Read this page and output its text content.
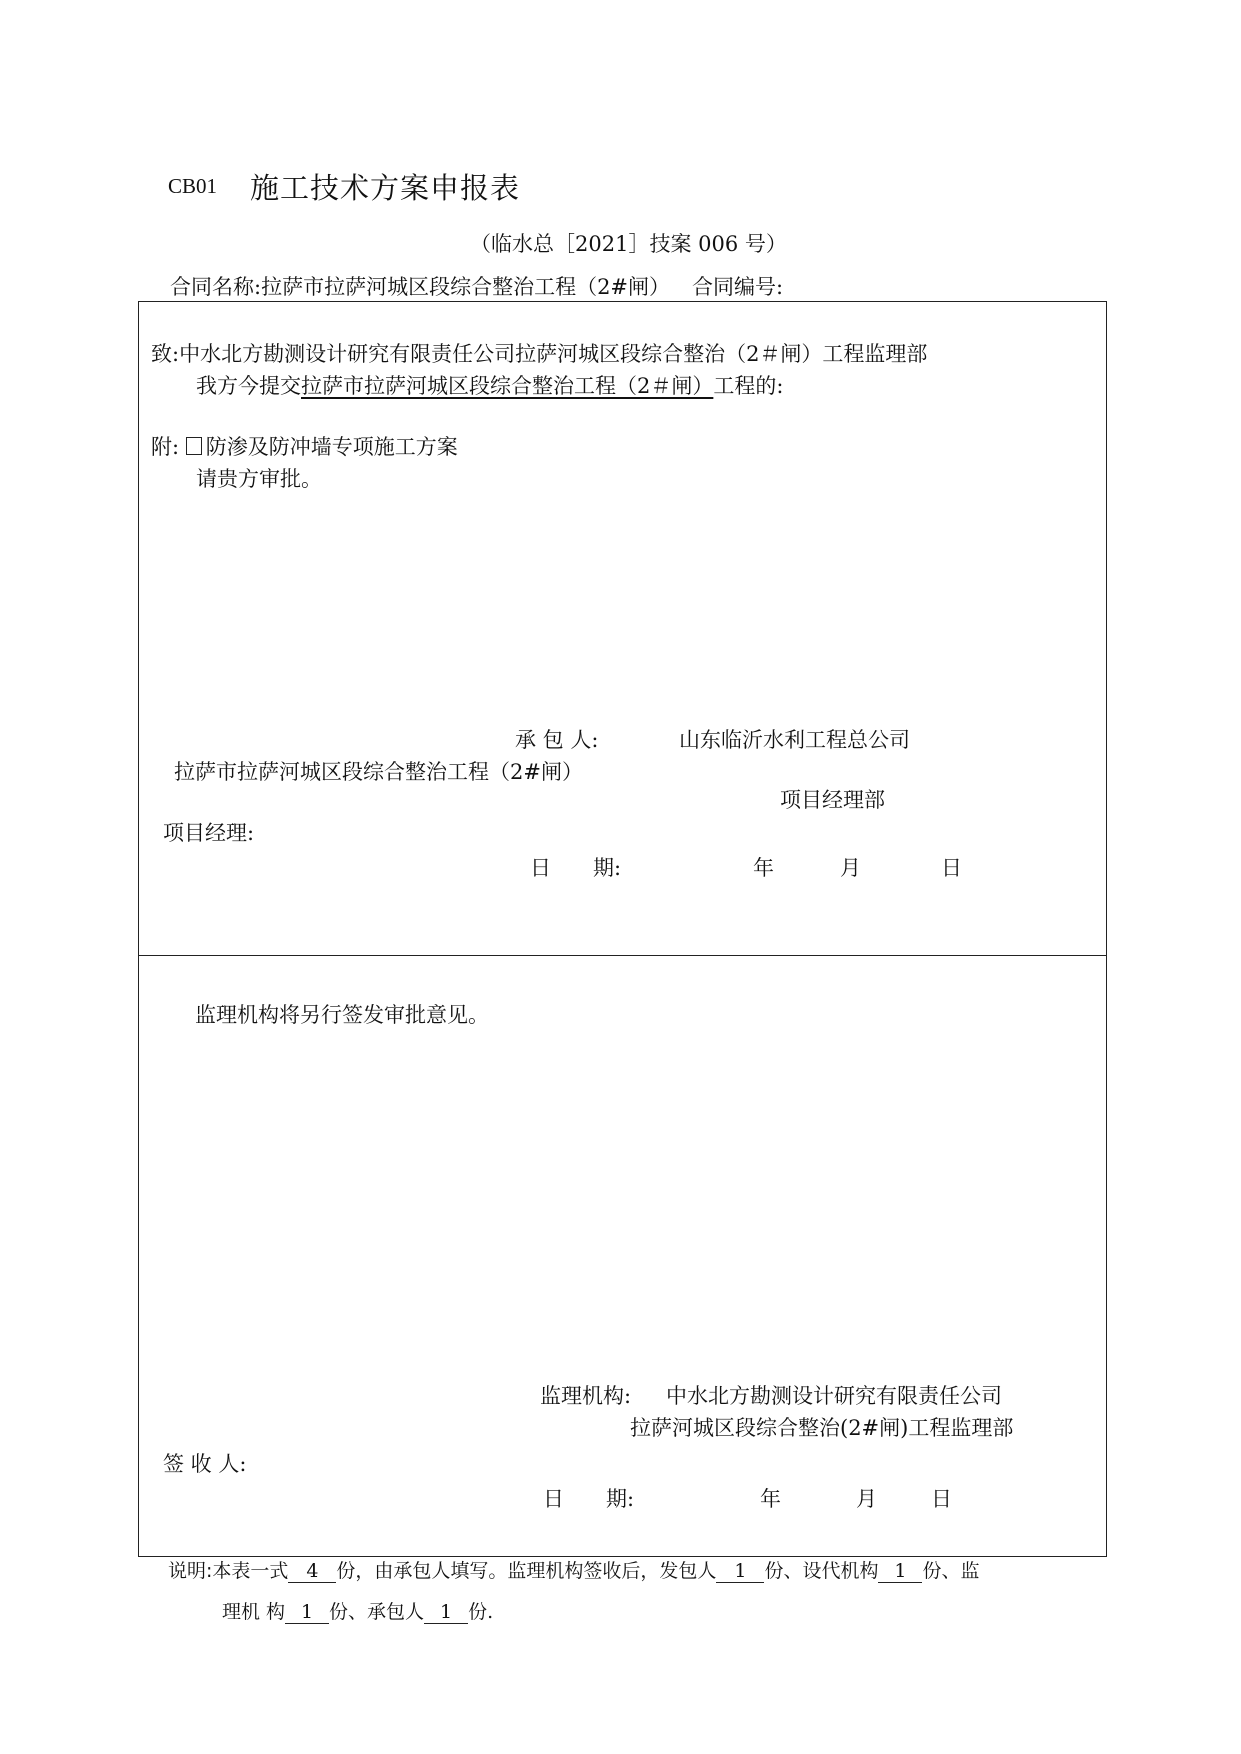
CB01 施工技术方案申报表
（临水总［2021］技案 006 号）
合同名称:拉萨市拉萨河城区段综合整治工程（2#闸） 合同编号:
致:中水北方勘测设计研究有限责任公司拉萨河城区段综合整治（2＃闸）工程监理部
我方今提交拉萨市拉萨河城区段综合整治工程（2＃闸）工程的:
附: 防渗及防冲墙专项施工方案
请贵方审批。
承 包 人:	山东临沂水利工程总公司
拉萨市拉萨河城区段综合整治工程（2#闸）
项目经理部
项目经理:
日　　期:	年	月	日
监理机构将另行签发审批意见。
监理机构: 中水北方勘测设计研究有限责任公司
拉萨河城区段综合整治(2#闸)工程监理部
签 收 人:
日　　期:	年	月	日
说明:本表一式 4 份，由承包人填写。监理机构签收后，发包人 1 份、设代机构 1 份、监
理机 构 1 份、承包人 1 份.
